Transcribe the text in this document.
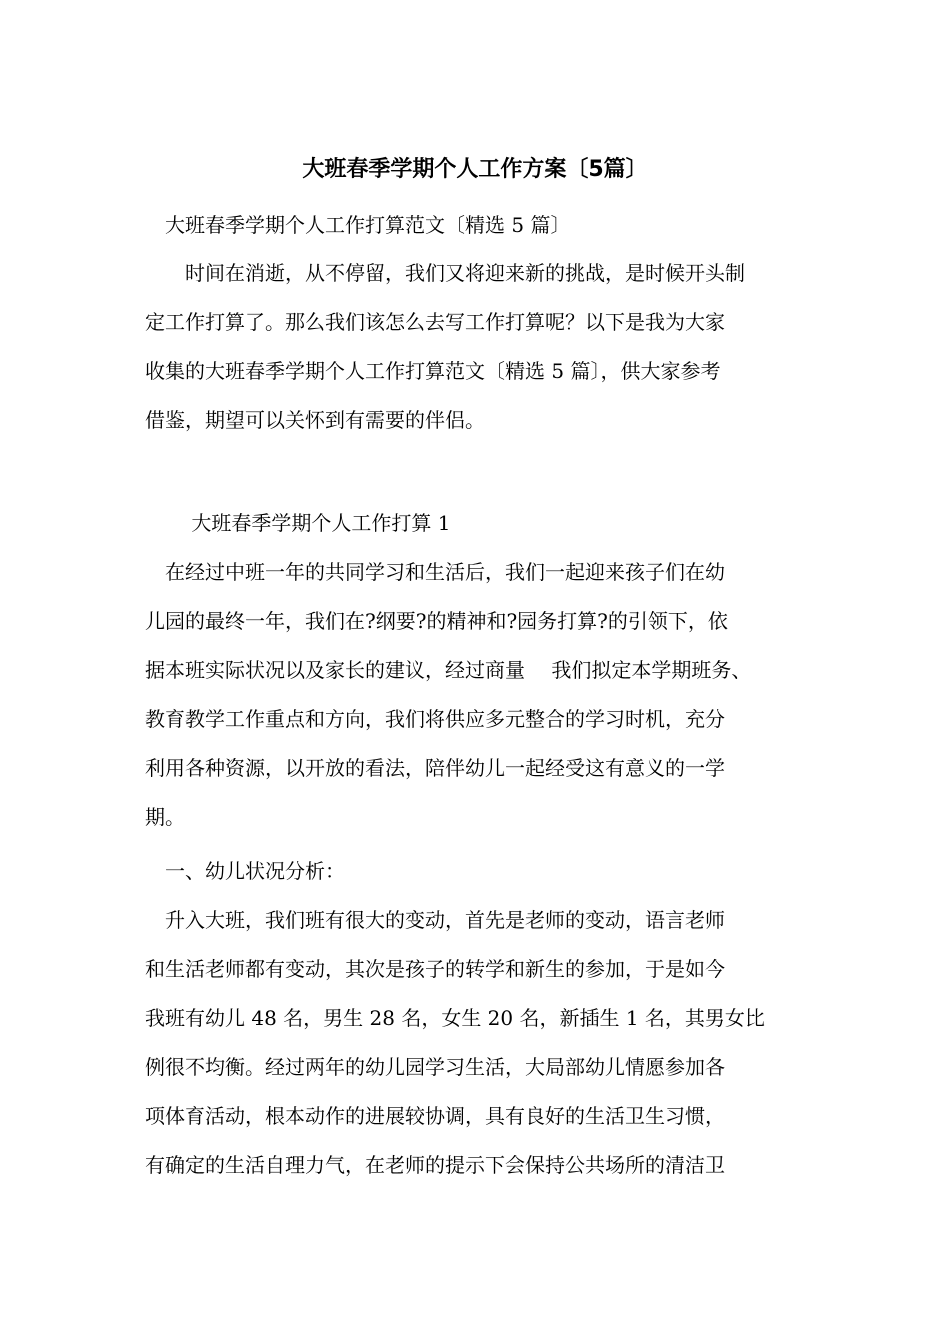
大班春季学期个人工作方案〔5篇〕

　大班春季学期个人工作打算范文〔精选 5 篇〕

　　时间在消逝，从不停留，我们又将迎来新的挑战，是时候开头制
定工作打算了。那么我们该怎么去写工作打算呢？以下是我为大家
收集的大班春季学期个人工作打算范文〔精选 5 篇〕，供大家参考
借鉴，期望可以关怀到有需要的伴侣。

　　 大班春季学期个人工作打算 1

　在经过中班一年的共同学习和生活后，我们一起迎来孩子们在幼
儿园的最终一年，我们在?纲要?的精神和?园务打算?的引领下，依
据本班实际状况以及家长的建议，经过商量　 我们拟定本学期班务、
教育教学工作重点和方向，我们将供应多元整合的学习时机，充分
利用各种资源，以开放的看法，陪伴幼儿一起经受这有意义的一学
期。

　一、幼儿状况分析：

　升入大班，我们班有很大的变动，首先是老师的变动，语言老师
和生活老师都有变动，其次是孩子的转学和新生的参加，于是如今
我班有幼儿 48 名，男生 28 名，女生 20 名，新插生 1 名，其男女比
例很不均衡。经过两年的幼儿园学习生活，大局部幼儿情愿参加各
项体育活动，根本动作的进展较协调，具有良好的生活卫生习惯，
有确定的生活自理力气，在老师的提示下会保持公共场所的清洁卫
